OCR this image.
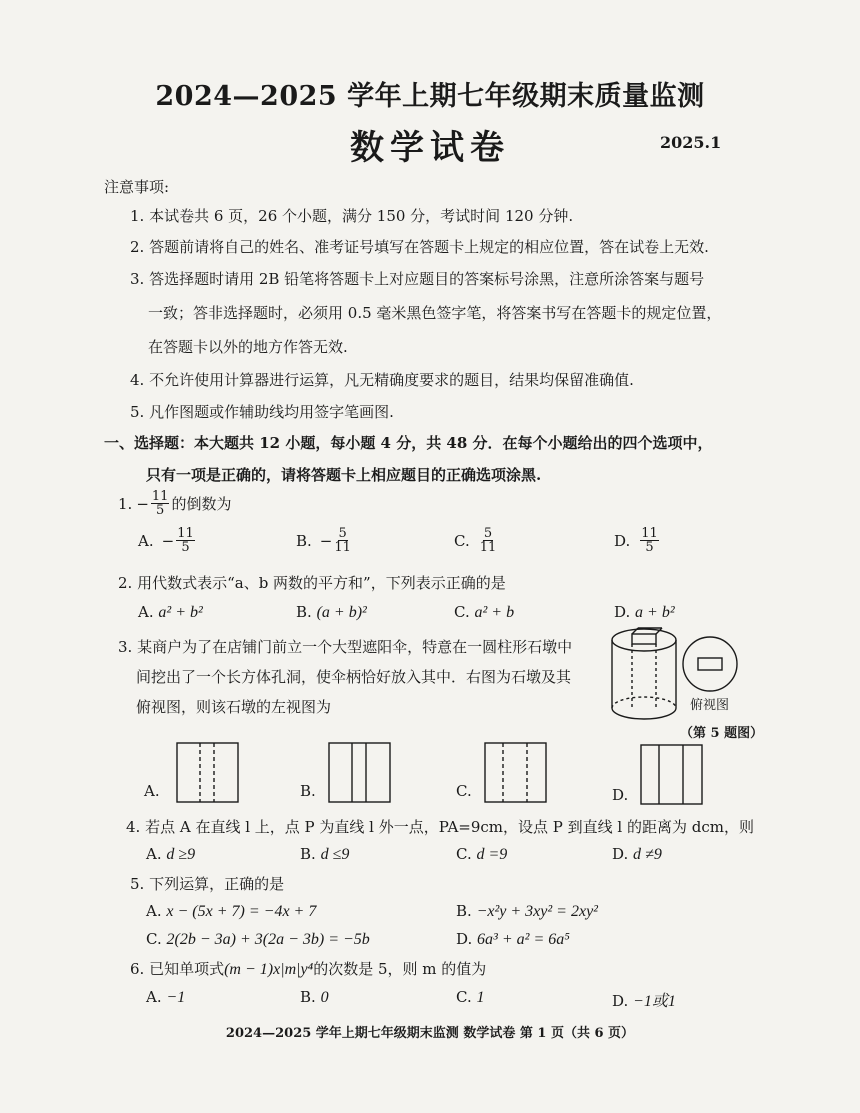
2024—2025 学年上期七年级期末质量监测
数学试卷	2025.1
注意事项:
1. 本试卷共 6 页，26 个小题，满分 150 分，考试时间 120 分钟.
2. 答题前请将自己的姓名、准考证号填写在答题卡上规定的相应位置，答在试卷上无效.
3. 答选择题时请用 2B 铅笔将答题卡上对应题目的答案标号涂黑，注意所涂答案与题号
一致；答非选择题时，必须用 0.5 毫米黑色签字笔，将答案书写在答题卡的规定位置，
在答题卡以外的地方作答无效.
4. 不允许使用计算器进行运算，凡无精确度要求的题目，结果均保留准确值.
5. 凡作图题或作辅助线均用签字笔画图.
一、选择题：本大题共 12 小题，每小题 4 分，共 48 分．在每个小题给出的四个选项中，
只有一项是正确的，请将答题卡上相应题目的正确选项涂黑.
1. − $\frac{11}{5}$ 的倒数为
A. − $\frac{11}{5}$	B. − $\frac{5}{11}$	C. $\frac{5}{11}$	D. $\frac{11}{5}$
2. 用代数式表示“a、b 两数的平方和”，下列表示正确的是
A. a² + b²	B. (a + b)²	C. a² + b	D. a + b²
3. 某商户为了在店铺门前立一个大型遮阳伞，特意在一圆柱形石墩中
间挖出了一个长方体孔洞，使伞柄恰好放入其中．右图为石墩及其
俯视图，则该石墩的左视图为	俯视图
（第 5 题图）
A.	B.	C.	D.
4. 若点 A 在直线 l 上，点 P 为直线 l 外一点，PA=9cm，设点 P 到直线 l 的距离为 dcm，则
A. d ≥9	B. d ≤9	C. d =9	D. d ≠9
5. 下列运算，正确的是
A. x − (5x + 7) = −4x + 7	B. −x²y + 3xy² = 2xy²
C. 2(2b − 3a) + 3(2a − 3b) = −5b	D. 6a³ + a² = 6a⁵
6. 已知单项式(m − 1)x|m|y⁴的次数是 5，则 m 的值为
A. −1	B. 0	C. 1	D. −1或1
2024—2025 学年上期七年级期末监测 数学试卷 第 1 页（共 6 页）
